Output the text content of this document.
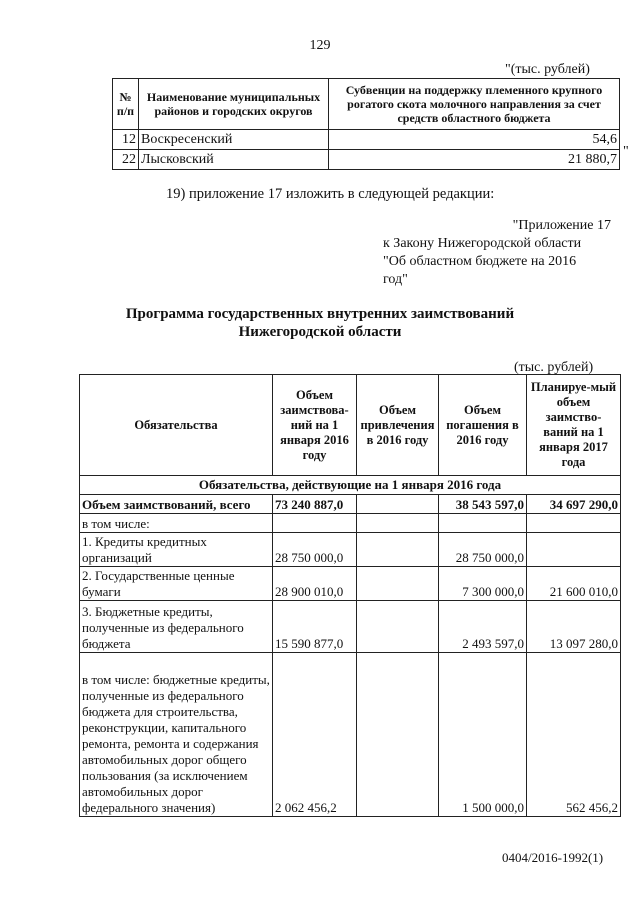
129
"(тыс. рублей)
№ п/п	Наименование муниципальных районов и городских округов	Субвенции на поддержку племенного крупного рогатого скота молочного направления за счет средств областного бюджета
12	Воскресенский	54,6
22	Лысковский	21 880,7 "
19) приложение 17 изложить в следующей редакции:
"Приложение 17
к Закону Нижегородской области
"Об областном бюджете на 2016
год"
Программа государственных внутренних заимствований
Нижегородской области
(тыс. рублей)
Обязательства	Объем заимствова-ний на 1 января 2016 году	Объем привлечения в 2016 году	Объем погашения в 2016 году	Планируе-мый объем заимство-ваний на 1 января 2017 года
Обязательства, действующие на 1 января 2016 года				
Объем заимствований, всего	73 240 887,0		38 543 597,0	34 697 290,0
в том числе:				
1. Кредиты кредитных организаций	28 750 000,0		28 750 000,0	
2. Государственные ценные бумаги	28 900 010,0		7 300 000,0	21 600 010,0
3. Бюджетные кредиты, полученные из федерального бюджета	15 590 877,0		2 493 597,0	13 097 280,0
в том числе: бюджетные кредиты, полученные из федерального бюджета для строительства, реконструкции, капитального ремонта, ремонта и содержания автомобильных дорог общего пользования (за исключением автомобильных дорог федерального значения)	2 062 456,2		1 500 000,0	562 456,2
0404/2016-1992(1)
